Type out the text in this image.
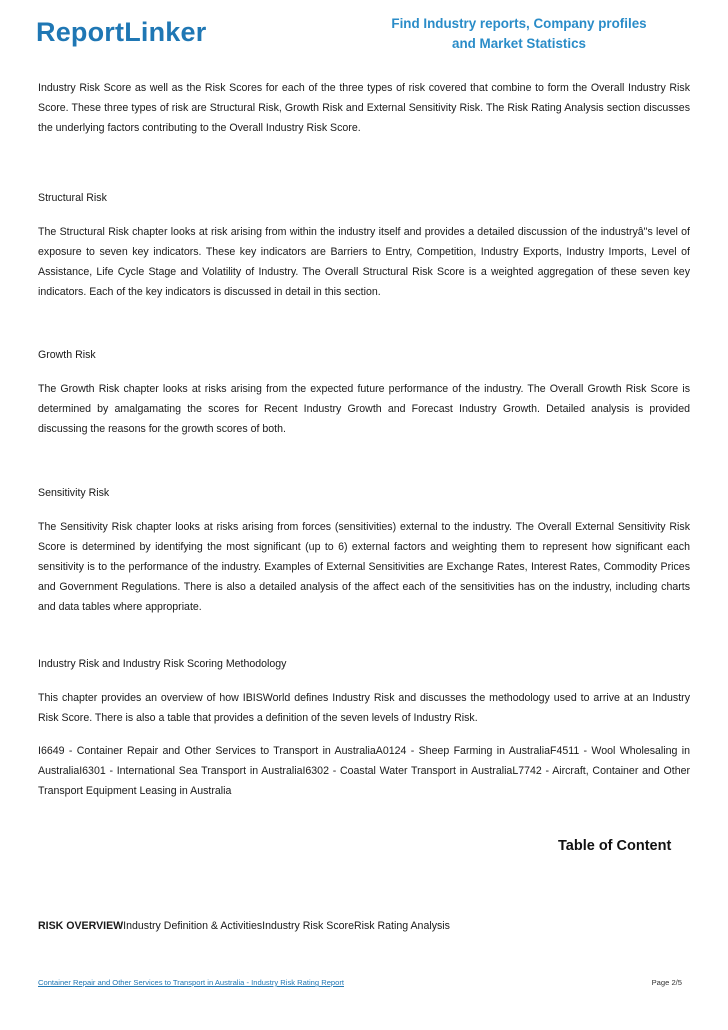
ReportLinker	Find Industry reports, Company profiles
and Market Statistics

Industry Risk Score as well as the Risk Scores for each of the three types of risk covered that combine to form the Overall Industry Risk Score. These three types of risk are Structural Risk, Growth Risk and External Sensitivity Risk. The Risk Rating Analysis section discusses the underlying factors contributing to the Overall Industry Risk Score.

Structural Risk

The Structural Risk chapter looks at risk arising from within the industry itself and provides a detailed discussion of the industryâ"s level of exposure to seven key indicators. These key indicators are Barriers to Entry, Competition, Industry Exports, Industry Imports, Level of Assistance, Life Cycle Stage and Volatility of Industry. The Overall Structural Risk Score is a weighted aggregation of these seven key indicators. Each of the key indicators is discussed in detail in this section.

Growth Risk

The Growth Risk chapter looks at risks arising from the expected future performance of the industry. The Overall Growth Risk Score is determined by amalgamating the scores for Recent Industry Growth and Forecast Industry Growth. Detailed analysis is provided discussing the reasons for the growth scores of both.

Sensitivity Risk

The Sensitivity Risk chapter looks at risks arising from forces (sensitivities) external to the industry. The Overall External Sensitivity Risk Score is determined by identifying the most significant (up to 6) external factors and weighting them to represent how significant each sensitivity is to the performance of the industry. Examples of External Sensitivities are Exchange Rates, Interest Rates, Commodity Prices and Government Regulations. There is also a detailed analysis of the affect each of the sensitivities has on the industry, including charts and data tables where appropriate.

Industry Risk and Industry Risk Scoring Methodology

This chapter provides an overview of how IBISWorld defines Industry Risk and discusses the methodology used to arrive at an Industry Risk Score. There is also a table that provides a definition of the seven levels of Industry Risk.

I6649 - Container Repair and Other Services to Transport in AustraliaA0124 - Sheep Farming in AustraliaF4511 - Wool Wholesaling in AustraliaI6301 - International Sea Transport in AustraliaI6302 - Coastal Water Transport in AustraliaL7742 - Aircraft, Container and Other Transport Equipment Leasing in Australia

Table of Content
RISK OVERVIEWIndustry Definition & ActivitiesIndustry Risk ScoreRisk Rating Analysis
Container Repair and Other Services to Transport in Australia - Industry Risk Rating Report	Page 2/5
